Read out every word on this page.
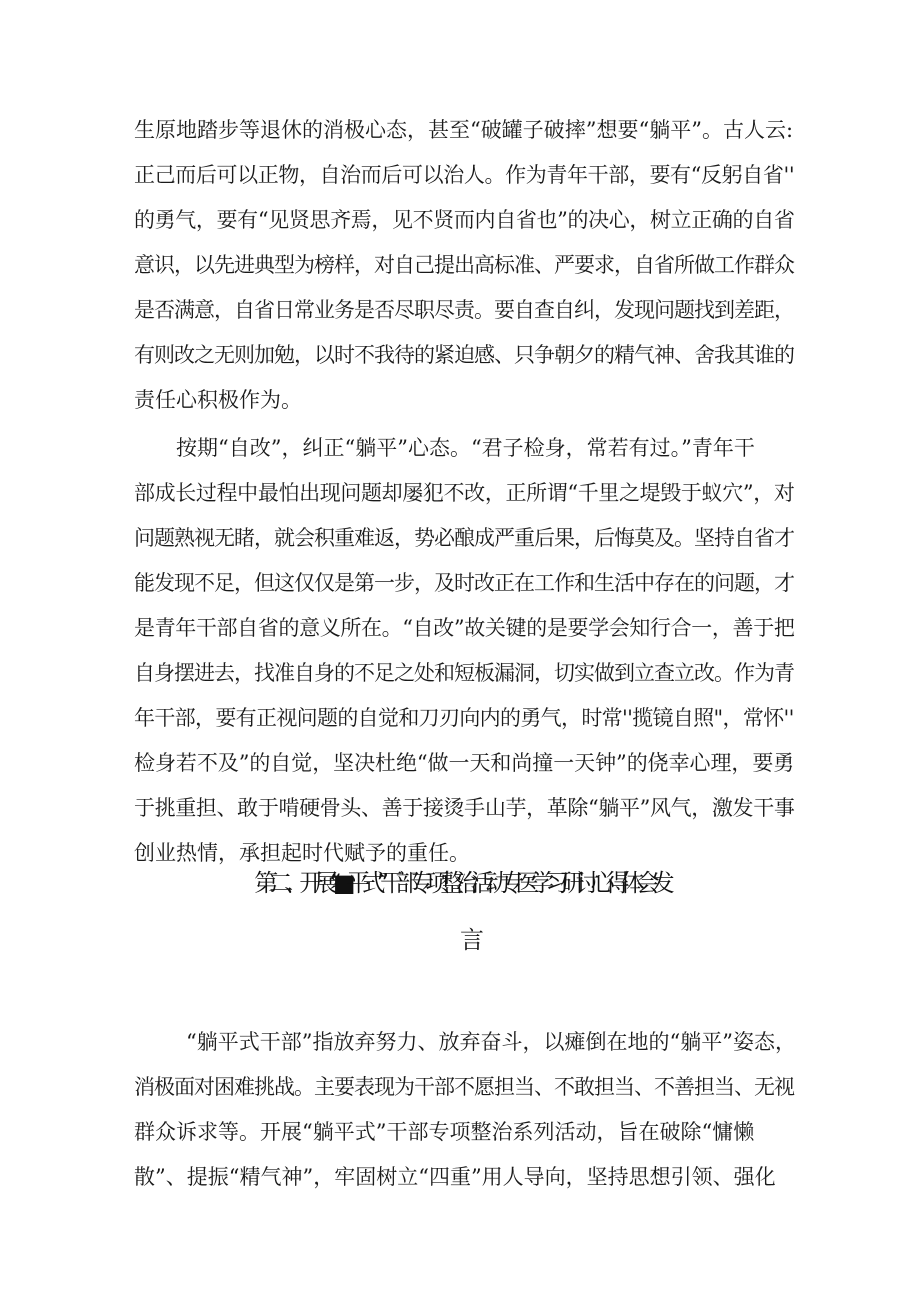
生原地踏步等退休的消极心态，甚至“破罐子破摔”想要“躺平”。古人云:
正己而后可以正物，自治而后可以治人。作为青年干部，要有“反躬自省''
的勇气，要有“见贤思齐焉，见不贤而内自省也”的决心，树立正确的自省
意识，以先进典型为榜样，对自己提出高标准、严要求，自省所做工作群众
是否满意，自省日常业务是否尽职尽责。要自查自纠，发现问题找到差距，
有则改之无则加勉，以时不我待的紧迫感、只争朝夕的精气神、舍我其谁的
责任心积极作为。
按期“自改”，纠正“躺平”心态。“君子检身，常若有过。”青年干
部成长过程中最怕出现问题却屡犯不改，正所谓“千里之堤毁于蚁穴”，对
问题熟视无睹，就会积重难返，势必酿成严重后果，后悔莫及。坚持自省才
能发现不足，但这仅仅是第一步，及时改正在工作和生活中存在的问题，才
是青年干部自省的意义所在。“自改”故关键的是要学会知行合一，善于把
自身摆进去，找准自身的不足之处和短板漏洞，切实做到立查立改。作为青
年干部，要有正视问题的自觉和刀刃向内的勇气，时常''揽镜自照"，常怀''
检身若不及”的自觉，坚决杜绝“做一天和尚撞一天钟”的侥幸心理，要勇
于挑重担、敢于啃硬骨头、善于接烫手山芋，革除“躺平”风气，激发干事
创业热情，承担起时代赋予的重任。
第二、开展“■平式”干部专项整治活动专医学习研讨心得体会发
“躺平式干部”指放弃努力、放弃奋斗，以瘫倒在地的“躺平”姿态，
消极面对困难挑战。主要表现为干部不愿担当、不敢担当、不善担当、无视
群众诉求等。开展“躺平式”干部专项整治系列活动，旨在破除“慵懒
散”、提振“精气神”，牢固树立“四重”用人导向，坚持思想引领、强化
